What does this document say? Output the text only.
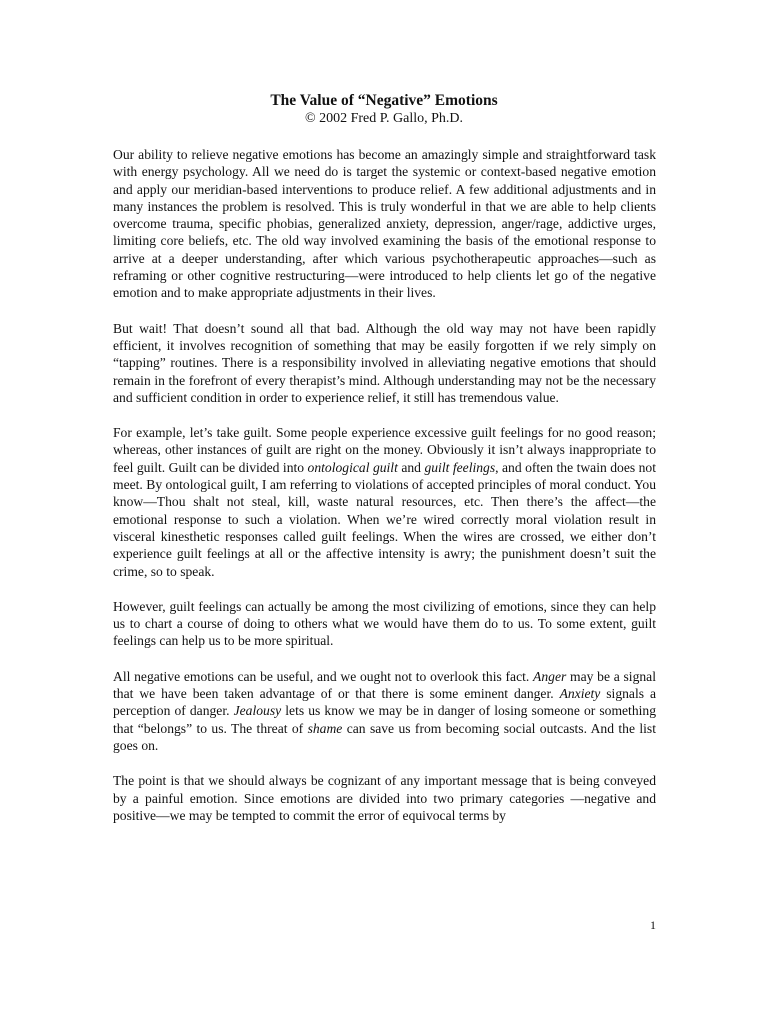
The Value of “Negative” Emotions

© 2002 Fred P. Gallo, Ph.D.

Our ability to relieve negative emotions has become an amazingly simple and straightforward task with energy psychology. All we need do is target the systemic or context-based negative emotion and apply our meridian-based interventions to produce relief. A few additional adjustments and in many instances the problem is resolved. This is truly wonderful in that we are able to help clients overcome trauma, specific phobias, generalized anxiety, depression, anger/rage, addictive urges, limiting core beliefs, etc. The old way involved examining the basis of the emotional response to arrive at a deeper understanding, after which various psychotherapeutic approaches—such as reframing or other cognitive restructuring—were introduced to help clients let go of the negative emotion and to make appropriate adjustments in their lives.

But wait! That doesn’t sound all that bad. Although the old way may not have been rapidly efficient, it involves recognition of something that may be easily forgotten if we rely simply on “tapping” routines. There is a responsibility involved in alleviating negative emotions that should remain in the forefront of every therapist’s mind. Although understanding may not be the necessary and sufficient condition in order to experience relief, it still has tremendous value.

For example, let’s take guilt. Some people experience excessive guilt feelings for no good reason; whereas, other instances of guilt are right on the money. Obviously it isn’t always inappropriate to feel guilt. Guilt can be divided into ontological guilt and guilt feelings, and often the twain does not meet. By ontological guilt, I am referring to violations of accepted principles of moral conduct. You know—Thou shalt not steal, kill, waste natural resources, etc. Then there’s the affect—the emotional response to such a violation. When we’re wired correctly moral violation result in visceral kinesthetic responses called guilt feelings. When the wires are crossed, we either don’t experience guilt feelings at all or the affective intensity is awry; the punishment doesn’t suit the crime, so to speak.

However, guilt feelings can actually be among the most civilizing of emotions, since they can help us to chart a course of doing to others what we would have them do to us. To some extent, guilt feelings can help us to be more spiritual.

All negative emotions can be useful, and we ought not to overlook this fact. Anger may be a signal that we have been taken advantage of or that there is some eminent danger. Anxiety signals a perception of danger. Jealousy lets us know we may be in danger of losing someone or something that “belongs” to us. The threat of shame can save us from becoming social outcasts. And the list goes on.

The point is that we should always be cognizant of any important message that is being conveyed by a painful emotion. Since emotions are divided into two primary categories —negative and positive—we may be tempted to commit the error of equivocal terms by

1
